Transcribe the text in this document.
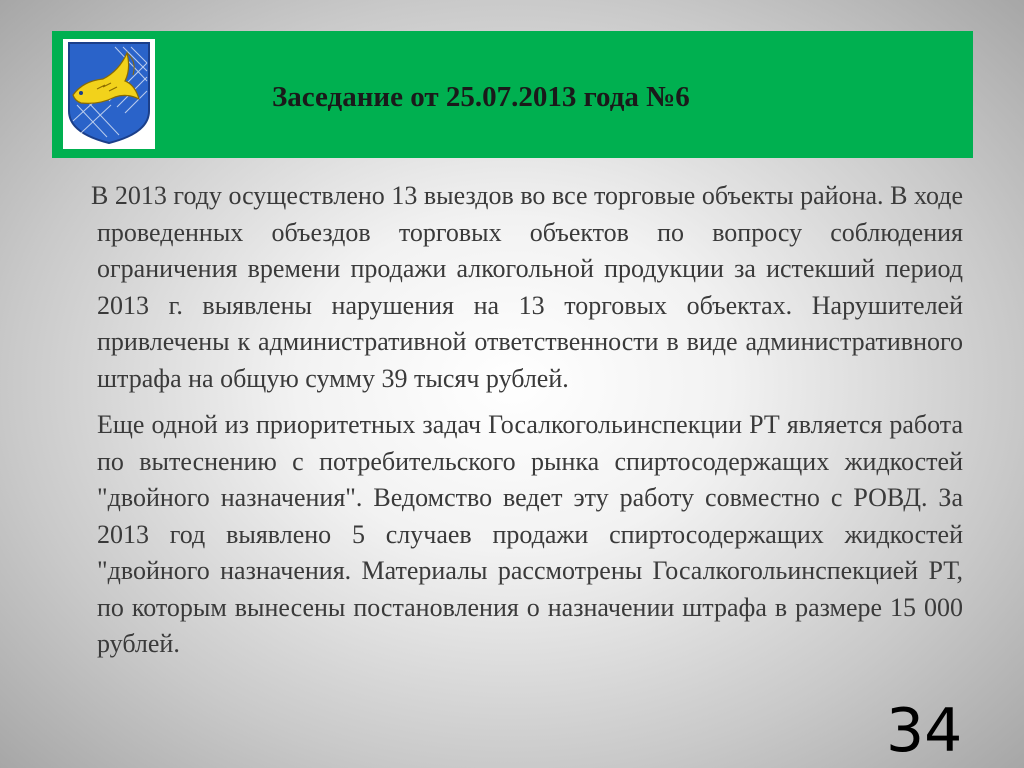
Заседание от 25.07.2013 года №6

В 2013 году осуществлено 13 выездов во все торговые объекты района. В ходе проведенных объездов торговых объектов по вопросу соблюдения ограничения времени продажи алкогольной продукции за истекший период 2013 г. выявлены нарушения на 13 торговых объектах. Нарушителей привлечены к административной ответственности в виде административного штрафа на общую сумму 39 тысяч рублей.

Еще одной из приоритетных задач Госалкогольинспекции РТ является работа по вытеснению с потребительского рынка спиртосодержащих жидкостей "двойного назначения". Ведомство ведет эту работу совместно с РОВД. За 2013 год выявлено 5 случаев продажи спиртосодержащих жидкостей "двойного назначения. Материалы рассмотрены Госалкогольинспекцией РТ, по которым вынесены постановления о назначении штрафа в размере 15 000 рублей.

34
